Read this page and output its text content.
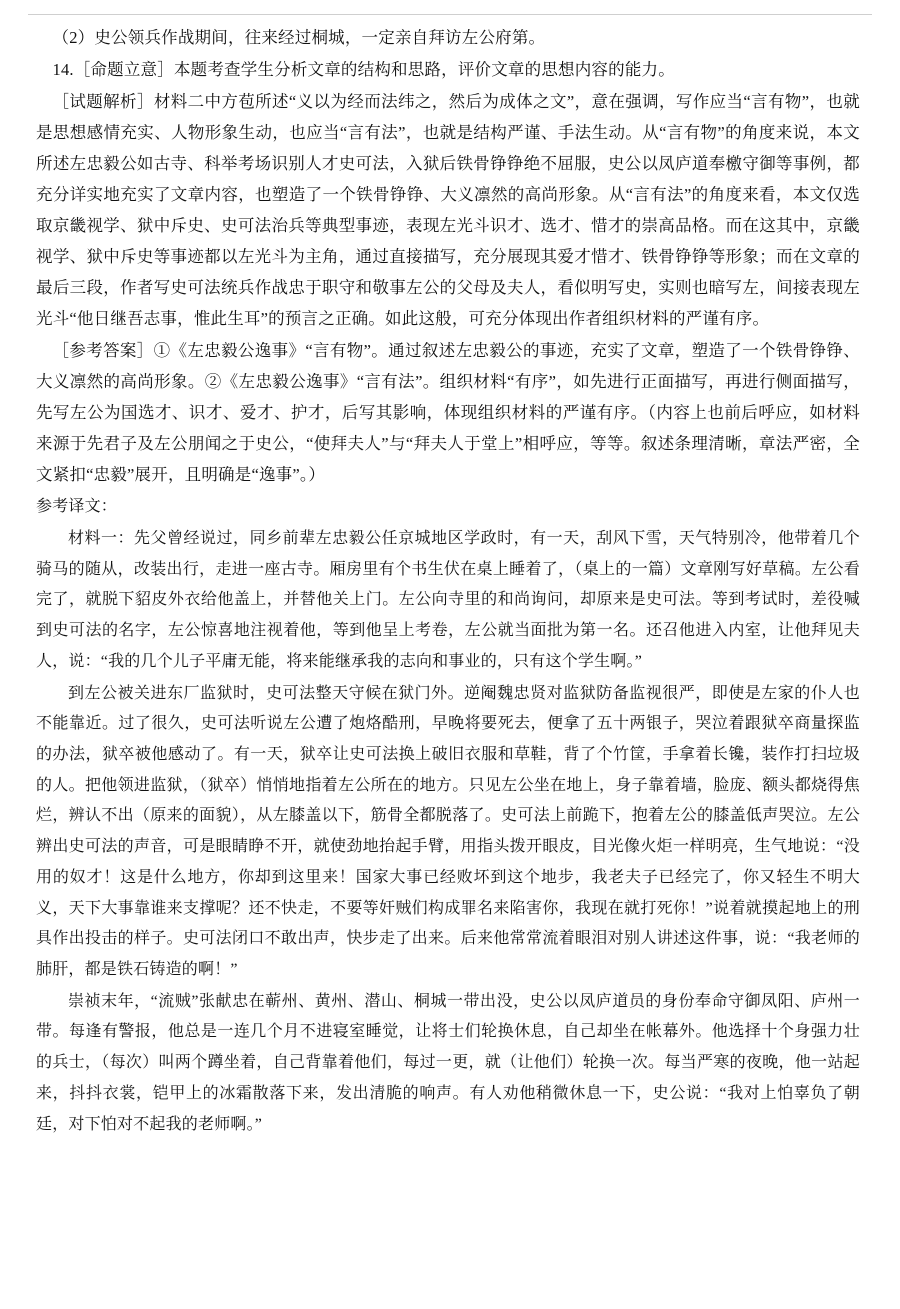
（2）史公领兵作战期间，往来经过桐城，一定亲自拜访左公府第。

14.［命题立意］本题考查学生分析文章的结构和思路，评价文章的思想内容的能力。

［试题解析］材料二中方苞所述“义以为经而法纬之，然后为成体之文”，意在强调，写作应当“言有物”，也就是思想感情充实、人物形象生动，也应当“言有法”，也就是结构严谨、手法生动。从“言有物”的角度来说，本文所述左忠毅公如古寺、科举考场识别人才史可法，入狱后铁骨铮铮绝不屈服，史公以凤庐道奉檄守御等事例，都充分详实地充实了文章内容，也塑造了一个铁骨铮铮、大义凛然的高尚形象。从“言有法”的角度来看，本文仅选取京畿视学、狱中斥史、史可法治兵等典型事迹，表现左光斗识才、选才、惜才的崇高品格。而在这其中，京畿视学、狱中斥史等事迹都以左光斗为主角，通过直接描写，充分展现其爱才惜才、铁骨铮铮等形象；而在文章的最后三段，作者写史可法统兵作战忠于职守和敬事左公的父母及夫人，看似明写史，实则也暗写左，间接表现左光斗“他日继吾志事，惟此生耳”的预言之正确。如此这般，可充分体现出作者组织材料的严谨有序。

［参考答案］①《左忠毅公逸事》“言有物”。通过叙述左忠毅公的事迹，充实了文章，塑造了一个铁骨铮铮、大义凛然的高尚形象。②《左忠毅公逸事》“言有法”。组织材料“有序”，如先进行正面描写，再进行侧面描写，先写左公为国选才、识才、爱才、护才，后写其影响，体现组织材料的严谨有序。（内容上也前后呼应，如材料来源于先君子及左公朋闻之于史公，“使拜夫人”与“拜夫人于堂上”相呼应，等等。叙述条理清晰，章法严密，全文紧扣“忠毅”展开，且明确是“逸事”。）

参考译文：

材料一：先父曾经说过，同乡前辈左忠毅公任京城地区学政时，有一天，刮风下雪，天气特别冷，他带着几个骑马的随从，改装出行，走进一座古寺。厢房里有个书生伏在桌上睡着了，（桌上的一篇）文章刚写好草稿。左公看完了，就脱下貂皮外衣给他盖上，并替他关上门。左公向寺里的和尚询问，却原来是史可法。等到考试时，差役喊到史可法的名字，左公惊喜地注视着他，等到他呈上考卷，左公就当面批为第一名。还召他进入内室，让他拜见夫人，说：“我的几个儿子平庸无能，将来能继承我的志向和事业的，只有这个学生啊。”

到左公被关进东厂监狱时，史可法整天守候在狱门外。逆阉魏忠贤对监狱防备监视很严，即使是左家的仆人也不能靠近。过了很久，史可法听说左公遭了炮烙酷刑，早晚将要死去，便拿了五十两银子，哭泣着跟狱卒商量探监的办法，狱卒被他感动了。有一天，狱卒让史可法换上破旧衣服和草鞋，背了个竹筐，手拿着长镵，装作打扫垃圾的人。把他领进监狱，（狱卒）悄悄地指着左公所在的地方。只见左公坐在地上，身子靠着墙，脸庞、额头都烧得焦烂，辨认不出（原来的面貌），从左膝盖以下，筋骨全都脱落了。史可法上前跪下，抱着左公的膝盖低声哭泣。左公辨出史可法的声音，可是眼睛睁不开，就使劲地抬起手臂，用指头拨开眼皮，目光像火炬一样明亮，生气地说：“没用的奴才！这是什么地方，你却到这里来！国家大事已经败坏到这个地步，我老夫子已经完了，你又轻生不明大义，天下大事靠谁来支撑呢？还不快走，不要等奸贼们构成罪名来陷害你，我现在就打死你！”说着就摸起地上的刑具作出投击的样子。史可法闭口不敢出声，快步走了出来。后来他常常流着眼泪对别人讲述这件事，说：“我老师的肺肝，都是铁石铸造的啊！”

崇祯末年，“流贼”张献忠在蕲州、黄州、潜山、桐城一带出没，史公以凤庐道员的身份奉命守御凤阳、庐州一带。每逢有警报，他总是一连几个月不进寝室睡觉，让将士们轮换休息，自己却坐在帐幕外。他选择十个身强力壮的兵士，（每次）叫两个蹲坐着，自己背靠着他们，每过一更，就（让他们）轮换一次。每当严寒的夜晚，他一站起来，抖抖衣裳，铠甲上的冰霜散落下来，发出清脆的响声。有人劝他稍微休息一下，史公说：“我对上怕辜负了朝廷，对下怕对不起我的老师啊。”
